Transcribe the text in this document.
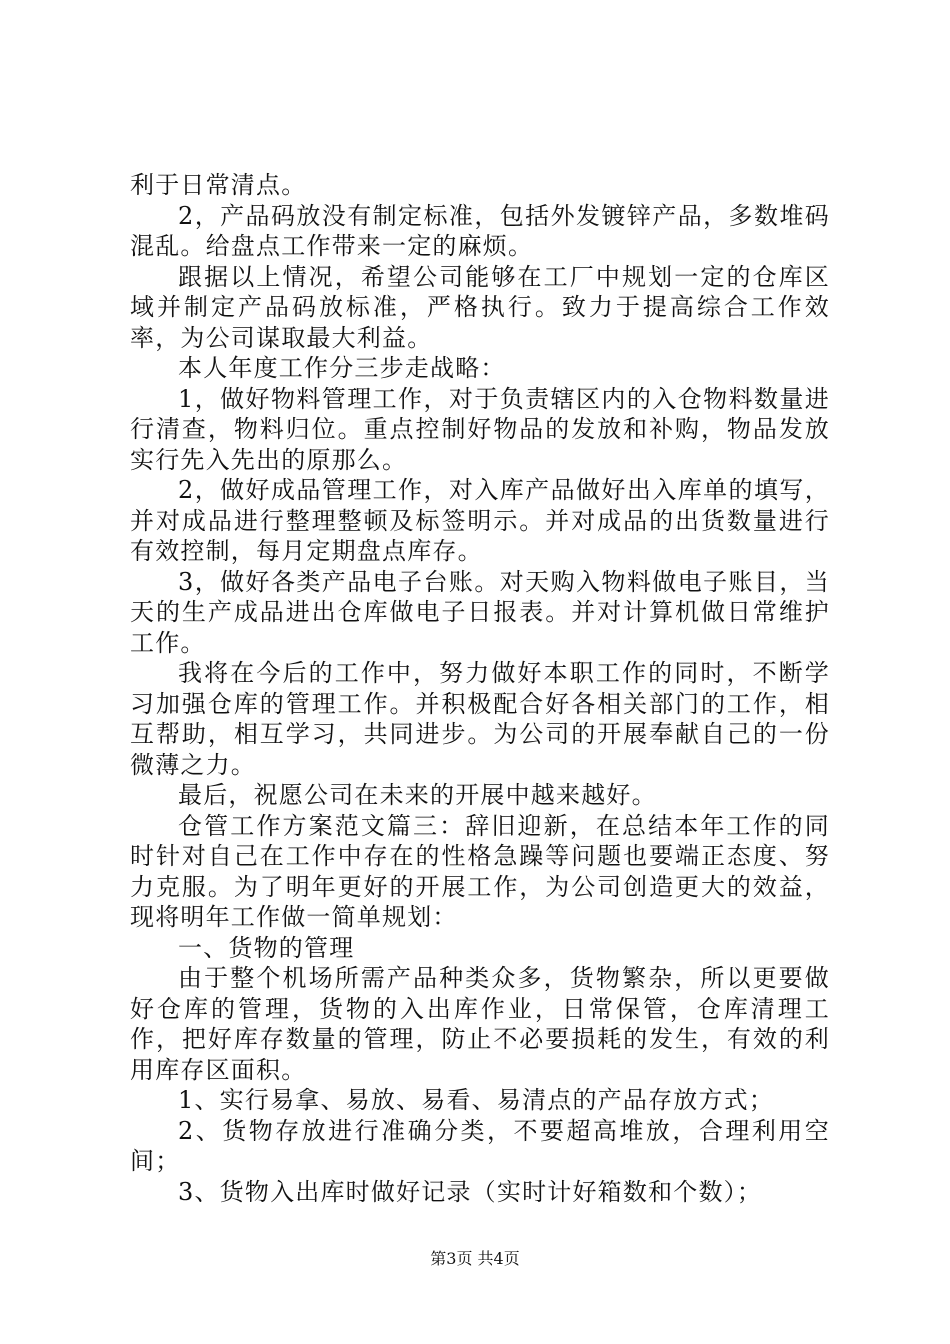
利于日常清点。

2，产品码放没有制定标准，包括外发镀锌产品，多数堆码混乱。给盘点工作带来一定的麻烦。

跟据以上情况，希望公司能够在工厂中规划一定的仓库区域并制定产品码放标准，严格执行。致力于提高综合工作效率，为公司谋取最大利益。

本人年度工作分三步走战略：

1，做好物料管理工作，对于负责辖区内的入仓物料数量进行清查，物料归位。重点控制好物品的发放和补购，物品发放实行先入先出的原那么。

2，做好成品管理工作，对入库产品做好出入库单的填写，并对成品进行整理整顿及标签明示。并对成品的出货数量进行有效控制，每月定期盘点库存。

3，做好各类产品电子台账。对天购入物料做电子账目，当天的生产成品进出仓库做电子日报表。并对计算机做日常维护工作。

我将在今后的工作中，努力做好本职工作的同时，不断学习加强仓库的管理工作。并积极配合好各相关部门的工作，相互帮助，相互学习，共同进步。为公司的开展奉献自己的一份微薄之力。

最后，祝愿公司在未来的开展中越来越好。

仓管工作方案范文篇三：辞旧迎新，在总结本年工作的同时针对自己在工作中存在的性格急躁等问题也要端正态度、努力克服。为了明年更好的开展工作，为公司创造更大的效益，现将明年工作做一简单规划：

一、货物的管理

由于整个机场所需产品种类众多，货物繁杂，所以更要做好仓库的管理，货物的入出库作业，日常保管，仓库清理工作，把好库存数量的管理，防止不必要损耗的发生，有效的利用库存区面积。

1、实行易拿、易放、易看、易清点的产品存放方式；

2、货物存放进行准确分类，不要超高堆放，合理利用空间；

3、货物入出库时做好记录（实时计好箱数和个数）；

第3页 共4页
